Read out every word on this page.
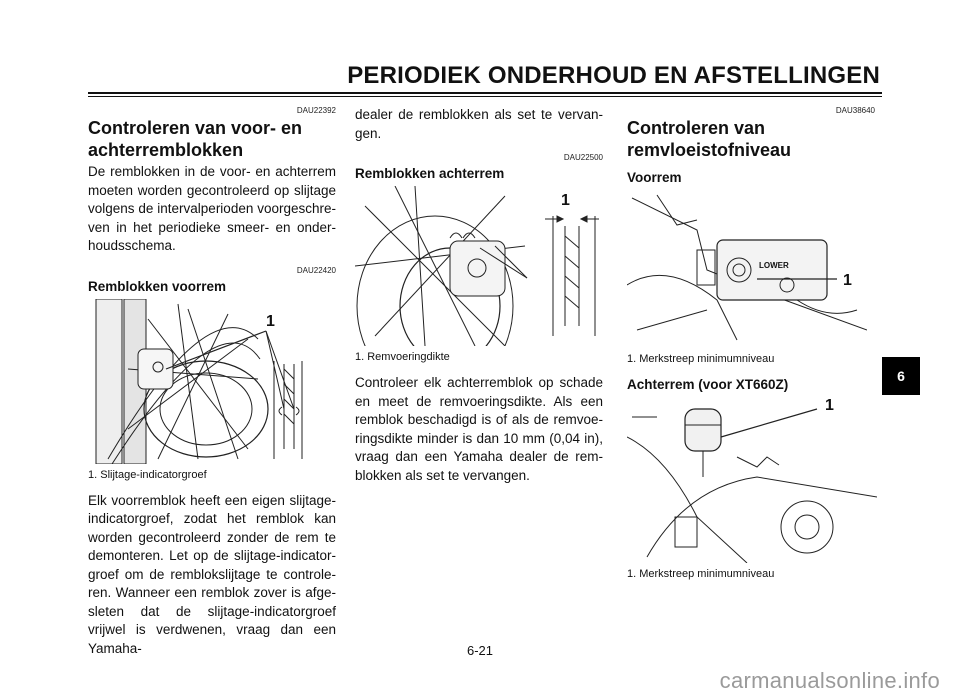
PERIODIEK ONDERHOUD EN AFSTELLINGEN

DAU22392

Controleren van voor- en achterremblokken

De remblokken in de voor- en achterrem moeten worden gecontroleerd op slijtage volgens de intervalperioden voorgeschre-ven in het periodieke smeer- en onder-houdsschema.

DAU22420

Remblokken voorrem
1

1. Slijtage-indicatorgroef

Elk voorremblok heeft een eigen slijtage-indicatorgroef, zodat het remblok kan worden gecontroleerd zonder de rem te demonteren. Let op de slijtage-indicator-groef om de remblokslijtage te controle-ren. Wanneer een remblok zover is afge-sleten dat de slijtage-indicatorgroef vrijwel is verdwenen, vraag dan een Yamaha-

dealer de remblokken als set te vervan-gen.

DAU22500

Remblokken achterrem
1

1. Remvoeringdikte

Controleer elk achterremblok op schade en meet de remvoeringsdikte. Als een remblok beschadigd is of als de remvoe-ringsdikte minder is dan 10 mm (0,04 in), vraag dan een Yamaha dealer de rem-blokken als set te vervangen.

DAU38640

Controleren van remvloeistofniveau
Voorrem
LOWER
1

1. Merkstreep minimumniveau

Achterrem (voor XT660Z)
1

1. Merkstreep minimumniveau

6
6-21
carmanualsonline.info
